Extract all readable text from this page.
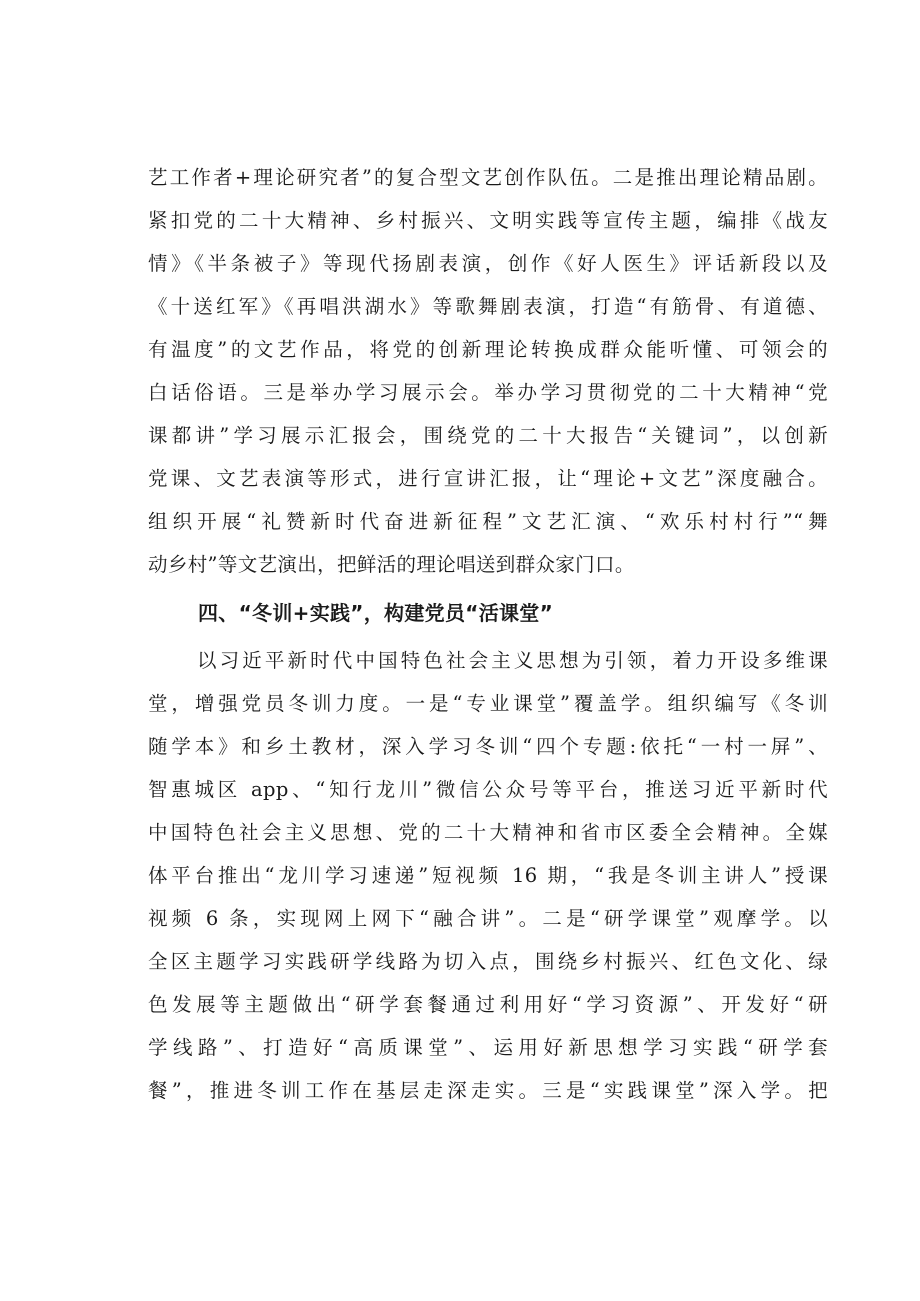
艺工作者+理论研究者”的复合型文艺创作队伍。二是推出理论精品剧。
紧扣党的二十大精神、乡村振兴、文明实践等宣传主题，编排《战友
情》《半条被子》等现代扬剧表演，创作《好人医生》评话新段以及
《十送红军》《再唱洪湖水》等歌舞剧表演，打造“有筋骨、有道德、
有温度”的文艺作品，将党的创新理论转换成群众能听懂、可领会的
白话俗语。三是举办学习展示会。举办学习贯彻党的二十大精神“党
课都讲”学习展示汇报会，围绕党的二十大报告“关键词”，以创新
党课、文艺表演等形式，进行宣讲汇报，让“理论+文艺”深度融合。
组织开展“礼赞新时代奋进新征程”文艺汇演、“欢乐村村行”“舞
动乡村”等文艺演出，把鲜活的理论唱送到群众家门口。
四、“冬训+实践”，构建党员“活课堂”
以习近平新时代中国特色社会主义思想为引领，着力开设多维课
堂，增强党员冬训力度。一是“专业课堂”覆盖学。组织编写《冬训
随学本》和乡土教材，深入学习冬训“四个专题:依托“一村一屏”、
智惠城区 app、“知行龙川”微信公众号等平台，推送习近平新时代
中国特色社会主义思想、党的二十大精神和省市区委全会精神。全媒
体平台推出“龙川学习速递”短视频 16 期，“我是冬训主讲人”授课
视频 6 条，实现网上网下“融合讲”。二是“研学课堂”观摩学。以
全区主题学习实践研学线路为切入点，围绕乡村振兴、红色文化、绿
色发展等主题做出“研学套餐通过利用好“学习资源”、开发好“研
学线路”、打造好“高质课堂”、运用好新思想学习实践“研学套
餐”，推进冬训工作在基层走深走实。三是“实践课堂”深入学。把
